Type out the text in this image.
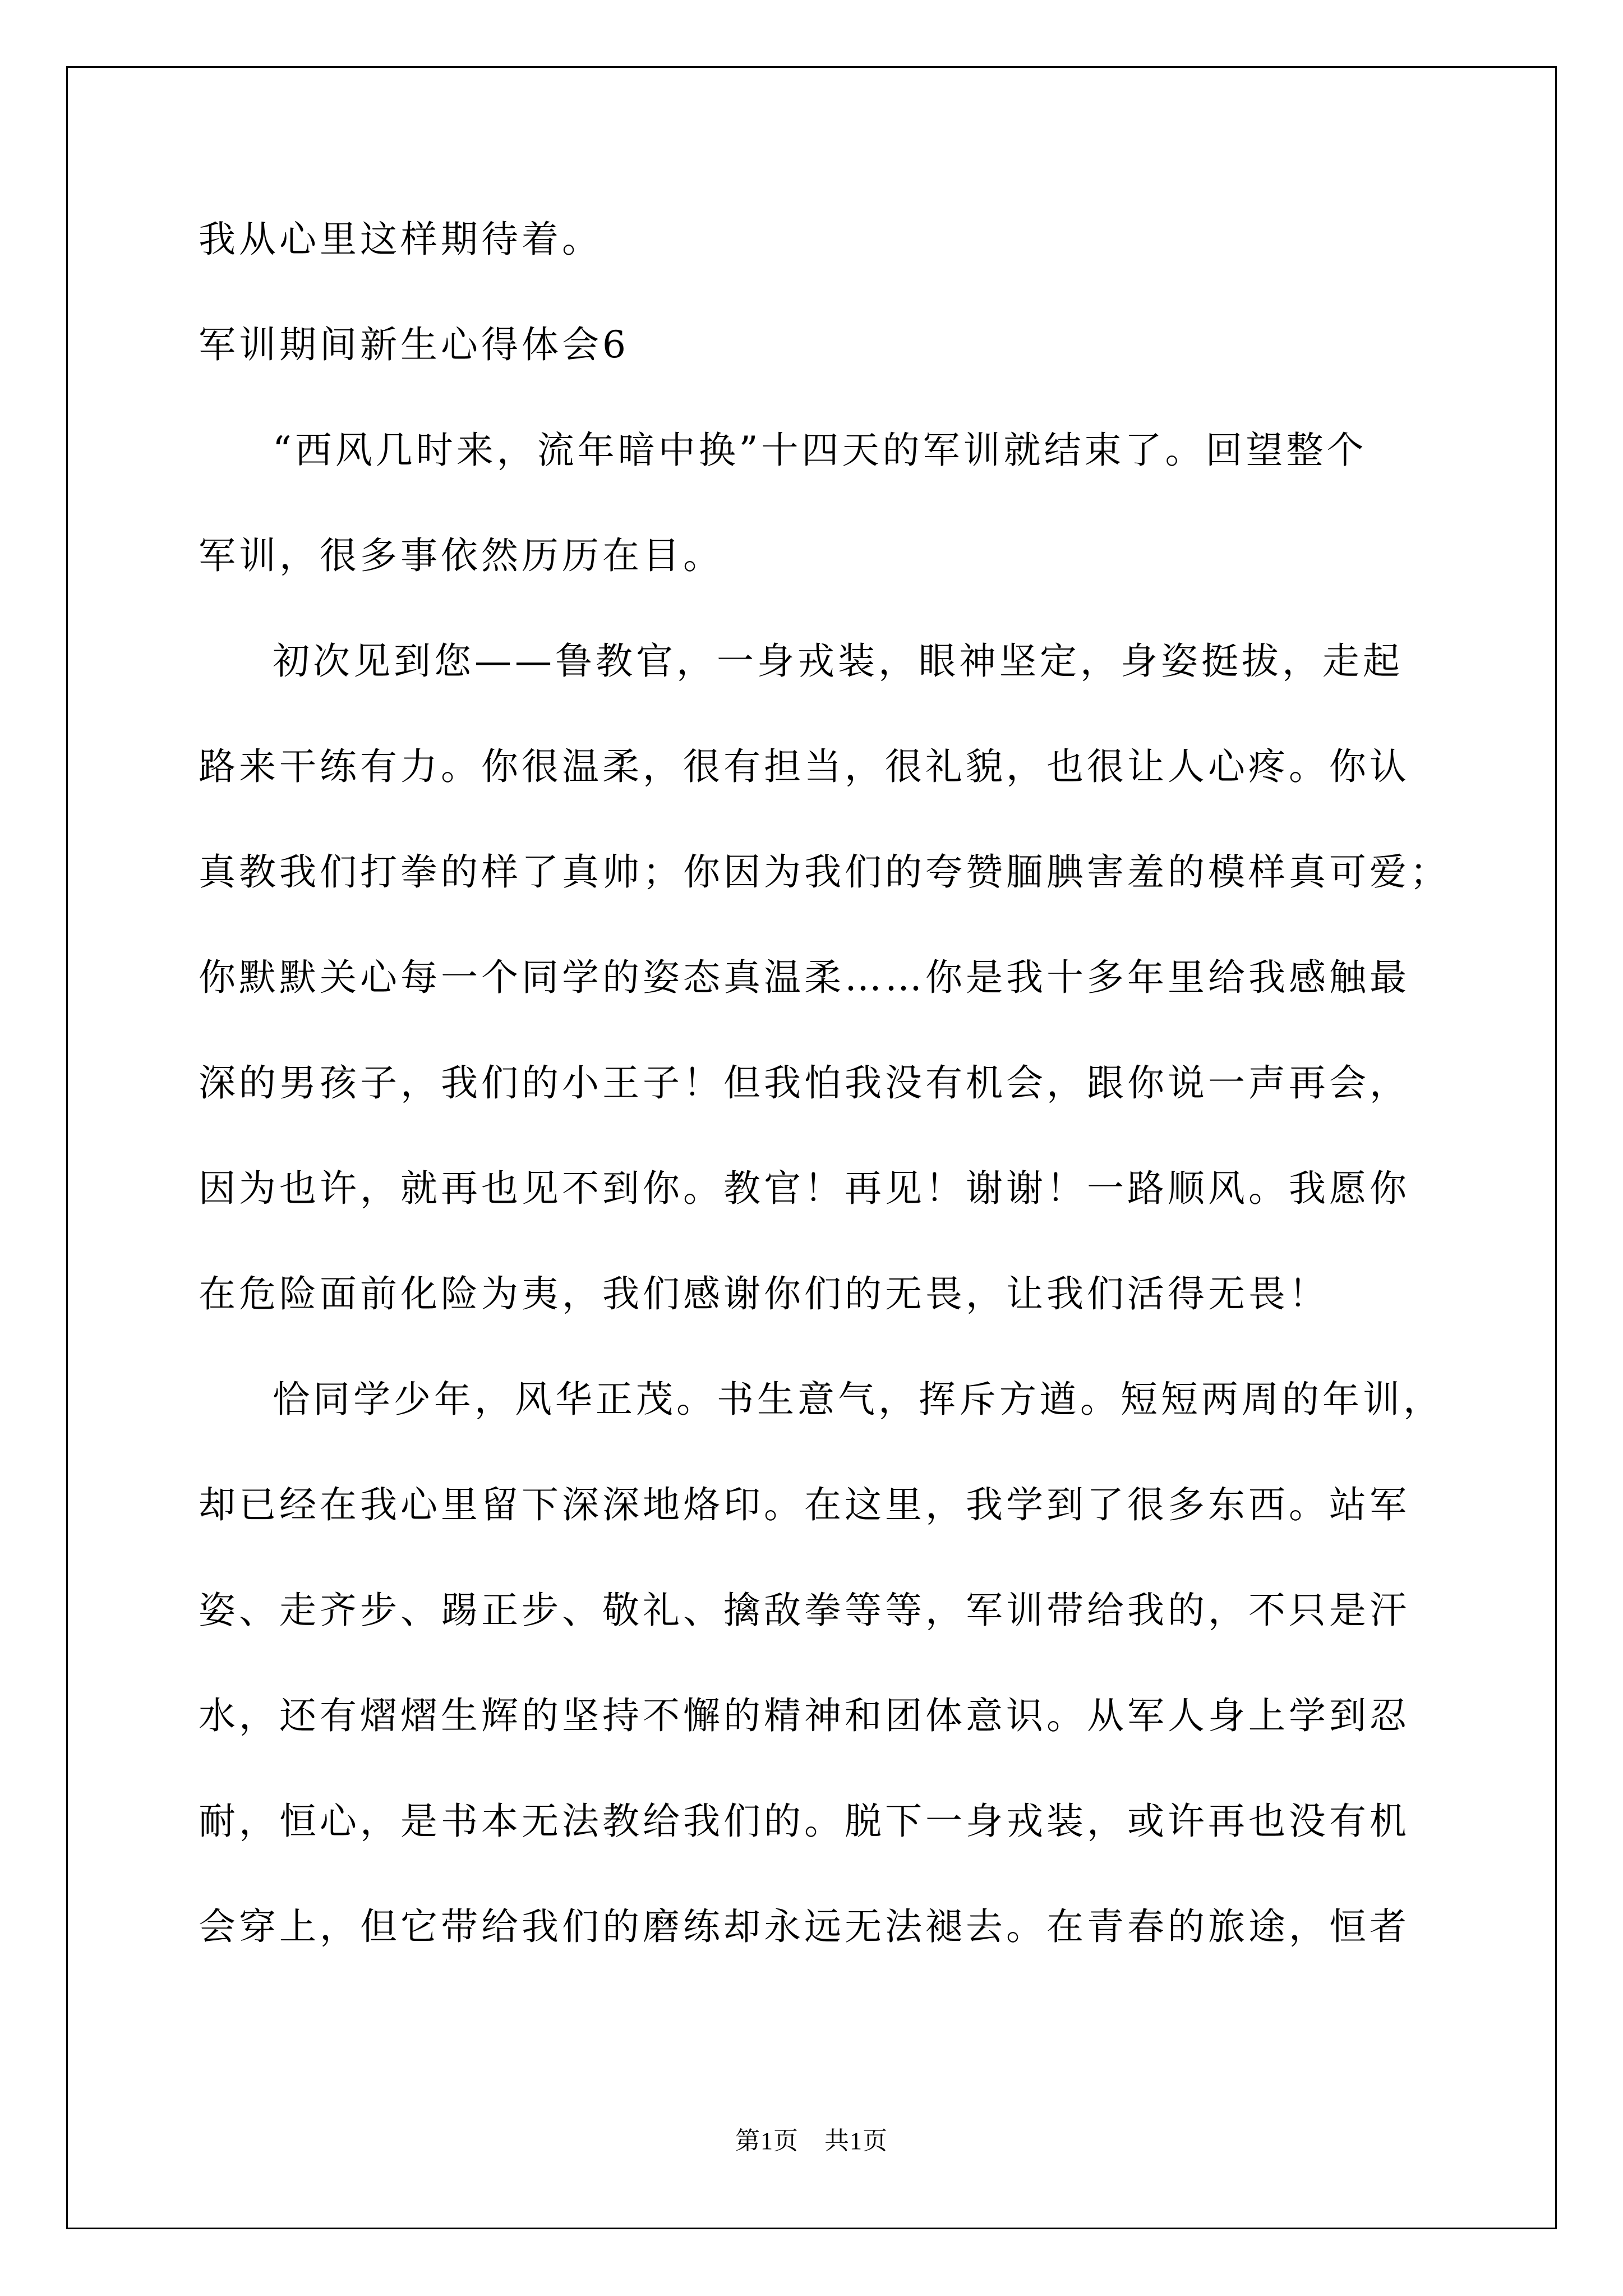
我从心里这样期待着。
军训期间新生心得体会6
“西风几时来，流年暗中换”十四天的军训就结束了。回望整个
军训，很多事依然历历在目。
初次见到您——鲁教官，一身戎装，眼神坚定，身姿挺拔，走起
路来干练有力。你很温柔，很有担当，很礼貌，也很让人心疼。你认
真教我们打拳的样了真帅；你因为我们的夸赞腼腆害羞的模样真可爱；
你默默关心每一个同学的姿态真温柔……你是我十多年里给我感触最
深的男孩子，我们的小王子！但我怕我没有机会，跟你说一声再会，
因为也许，就再也见不到你。教官！再见！谢谢！一路顺风。我愿你
在危险面前化险为夷，我们感谢你们的无畏，让我们活得无畏！
恰同学少年，风华正茂。书生意气，挥斥方遒。短短两周的年训，
却已经在我心里留下深深地烙印。在这里，我学到了很多东西。站军
姿、走齐步、踢正步、敬礼、擒敌拳等等，军训带给我的，不只是汗
水，还有熠熠生辉的坚持不懈的精神和团体意识。从军人身上学到忍
耐，恒心，是书本无法教给我们的。脱下一身戎装，或许再也没有机
会穿上，但它带给我们的磨练却永远无法褪去。在青春的旅途，恒者
第1页 共1页
